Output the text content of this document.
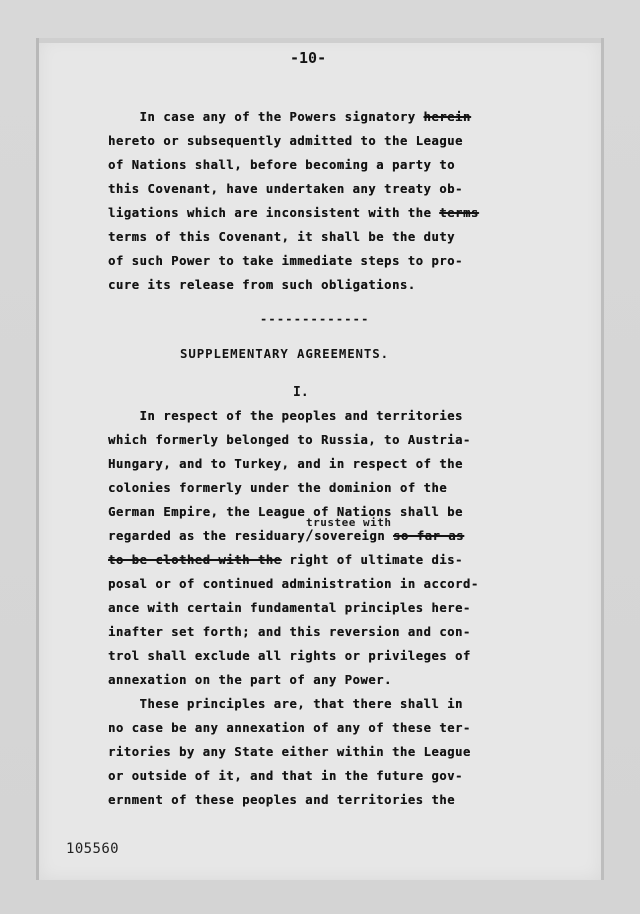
-10-
In case any of the Powers signatory herein
hereto or subsequently admitted to the League
of Nations shall, before becoming a party to
this Covenant, have undertaken any treaty ob-
ligations which are inconsistent with the terms
terms of this Covenant, it shall be the duty
of such Power to take immediate steps to pro-
cure its release from such obligations.
-------------
SUPPLEMENTARY AGREEMENTS.
I.
In respect of the peoples and territories
which formerly belonged to Russia, to Austria-
Hungary, and to Turkey, and in respect of the
colonies formerly under the dominion of the
German Empire, the League of Nations shall be
trustee with
regarded as the residuary/sovereign so far as
to be clothed with the right of ultimate dis-
posal or of continued administration in accord-
ance with certain fundamental principles here-
inafter set forth; and this reversion and con-
trol shall exclude all rights or privileges of
annexation on the part of any Power.
These principles are, that there shall in
no case be any annexation of any of these ter-
ritories by any State either within the League
or outside of it, and that in the future gov-
ernment of these peoples and territories the
105560
